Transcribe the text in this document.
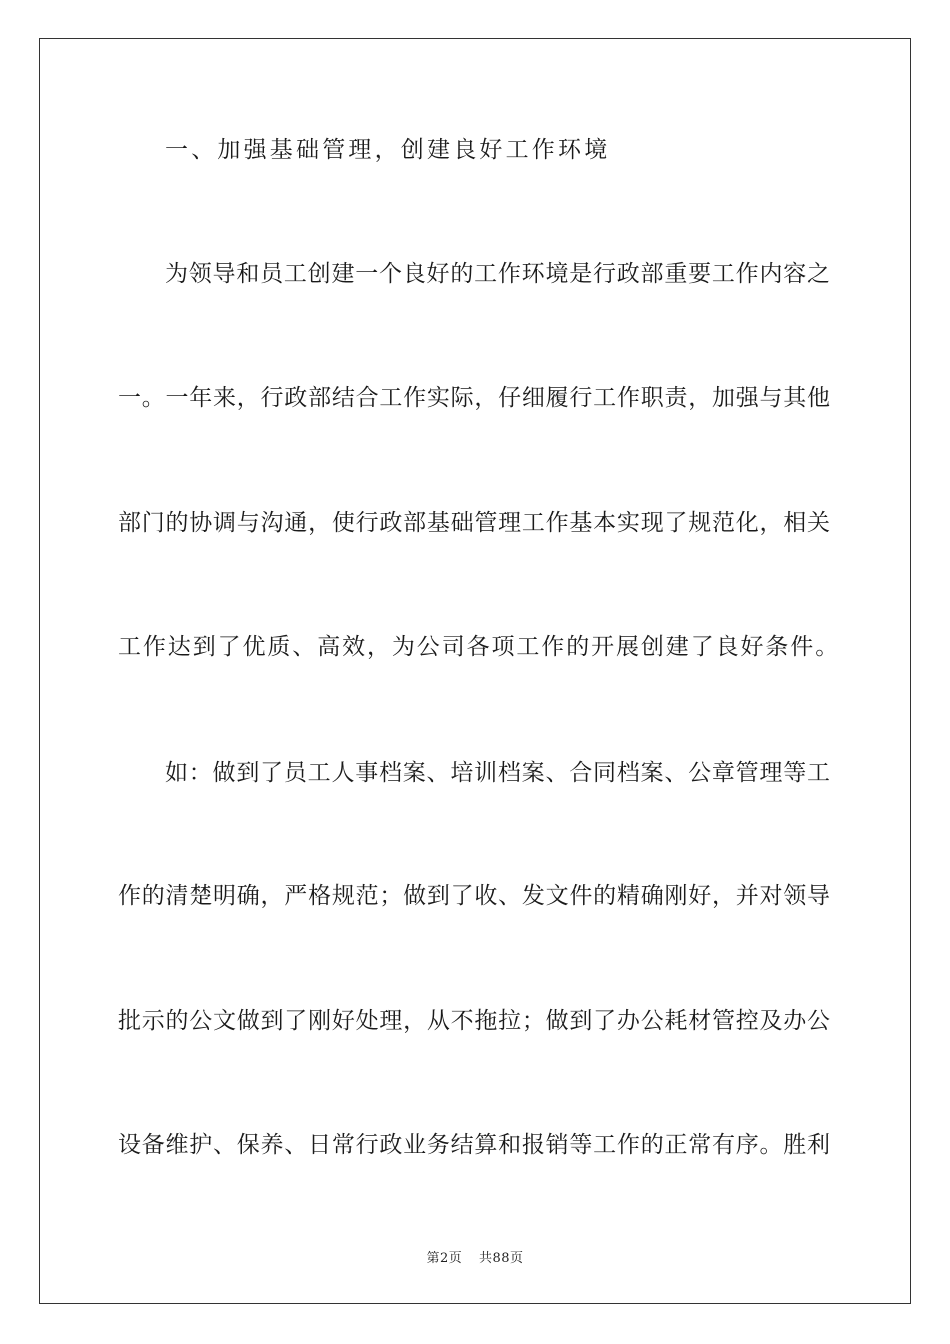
一、加强基础管理，创建良好工作环境
为领导和员工创建一个良好的工作环境是行政部重要工作内容之
一。一年来，行政部结合工作实际，仔细履行工作职责，加强与其他
部门的协调与沟通，使行政部基础管理工作基本实现了规范化，相关
工作达到了优质、高效，为公司各项工作的开展创建了良好条件。
如：做到了员工人事档案、培训档案、合同档案、公章管理等工
作的清楚明确，严格规范；做到了收、发文件的精确刚好，并对领导
批示的公文做到了刚好处理，从不拖拉；做到了办公耗材管控及办公
设备维护、保养、日常行政业务结算和报销等工作的正常有序。胜利
第2页 共88页
